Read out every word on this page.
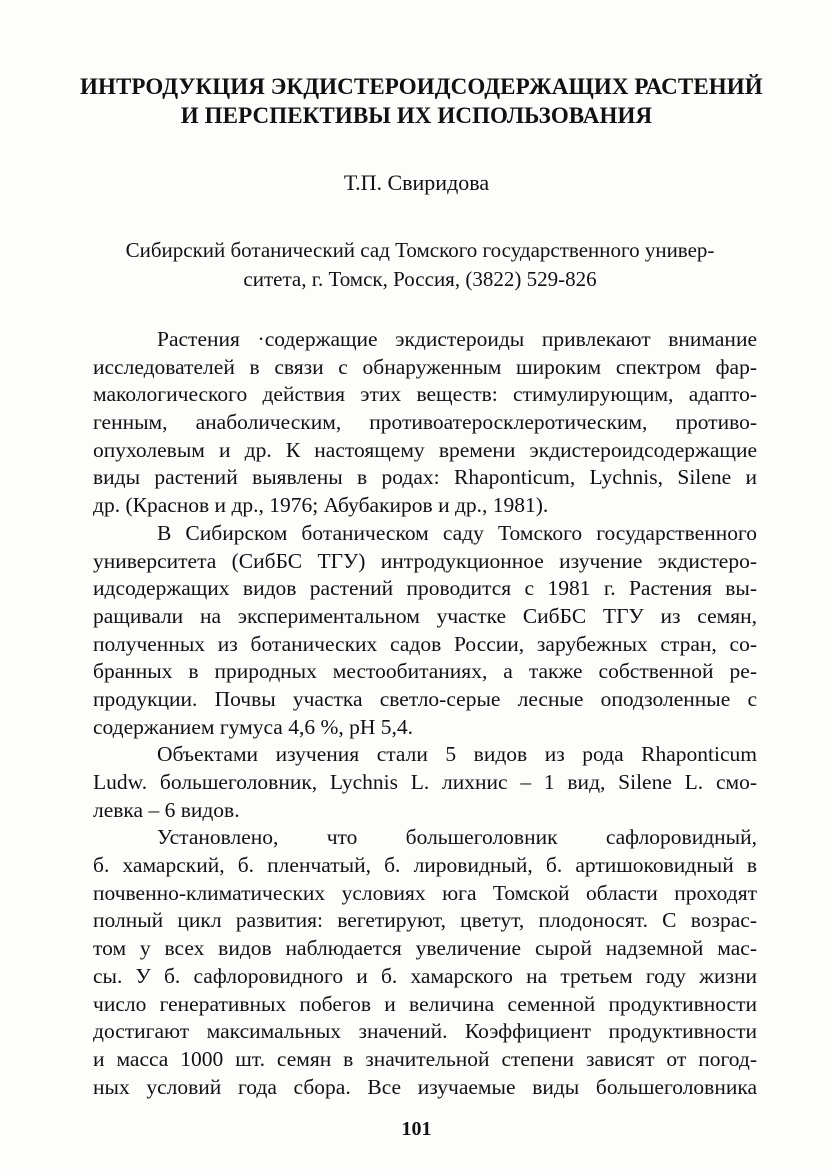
ИНТРОДУКЦИЯ ЭКДИСТЕРОИДСОДЕРЖАЩИХ РАСТЕНИЙ
И ПЕРСПЕКТИВЫ ИХ ИСПОЛЬЗОВАНИЯ
Т.П. Свиридова
Сибирский ботанический сад Томского государственного универ-
ситета, г. Томск, Россия, (3822) 529-826
Растения ·содержащие экдистероиды привлекают внимание
исследователей в связи с обнаруженным широким спектром фар-
макологического действия этих веществ: стимулирующим, адапто-
генным, анаболическим, противоатеросклеротическим, противо-
опухолевым и др. К настоящему времени экдистероидсодержащие
виды растений выявлены в родах: Rhaponticum, Lychnis, Silene и
др. (Краснов и др., 1976; Абубакиров и др., 1981).
В Сибирском ботаническом саду Томского государственного
университета (СибБС ТГУ) интродукционное изучение экдистеро-
идсодержащих видов растений проводится с 1981 г. Растения вы-
ращивали на экспериментальном участке СибБС ТГУ из семян,
полученных из ботанических садов России, зарубежных стран, со-
бранных в природных местообитаниях, а также собственной ре-
продукции. Почвы участка светло-серые лесные оподзоленные с
содержанием гумуса 4,6 %, рН 5,4.
Объектами изучения стали 5 видов из рода Rhaponticum
Ludw. большеголовник, Lychnis L. лихнис – 1 вид, Silene L. смо-
левка – 6 видов.
Установлено, что большеголовник сафлоровидный,
б. хамарский, б. пленчатый, б. лировидный, б. артишоковидный в
почвенно-климатических условиях юга Томской области проходят
полный цикл развития: вегетируют, цветут, плодоносят. С возрас-
том у всех видов наблюдается увеличение сырой надземной мас-
сы. У б. сафлоровидного и б. хамарского на третьем году жизни
число генеративных побегов и величина семенной продуктивности
достигают максимальных значений. Коэффициент продуктивности
и масса 1000 шт. семян в значительной степени зависят от погод-
ных условий года сбора. Все изучаемые виды большеголовника
101
